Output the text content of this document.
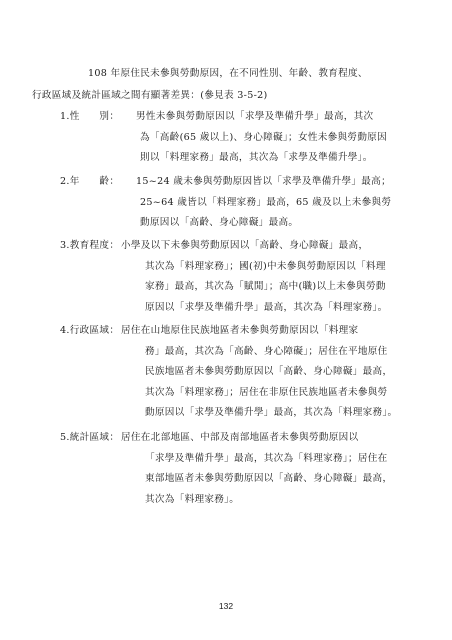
108 年原住民未參與勞動原因，在不同性別、年齡、教育程度、
行政區域及統計區域之間有顯著差異：(參見表 3-5-2)
1.性　　別： 男性未參與勞動原因以「求學及準備升學」最高，其次
為「高齡(65 歲以上)、身心障礙」；女性未參與勞動原因
則以「料理家務」最高，其次為「求學及準備升學」。
2.年　　齡： 15~24 歲未參與勞動原因皆以「求學及準備升學」最高；
25~64 歲皆以「料理家務」最高，65 歲及以上未參與勞
動原因以「高齡、身心障礙」最高。
3.教育程度： 小學及以下未參與勞動原因以「高齡、身心障礙」最高，
其次為「料理家務」；國(初)中未參與勞動原因以「料理
家務」最高，其次為「賦閒」；高中(職)以上未參與勞動
原因以「求學及準備升學」最高，其次為「料理家務」。
4.行政區域： 居住在山地原住民族地區者未參與勞動原因以「料理家
務」最高，其次為「高齡、身心障礙」；居住在平地原住
民族地區者未參與勞動原因以「高齡、身心障礙」最高，
其次為「料理家務」；居住在非原住民族地區者未參與勞
動原因以「求學及準備升學」最高，其次為「料理家務」。
5.統計區域： 居住在北部地區、中部及南部地區者未參與勞動原因以
「求學及準備升學」最高，其次為「料理家務」；居住在
東部地區者未參與勞動原因以「高齡、身心障礙」最高，
其次為「料理家務」。
132
